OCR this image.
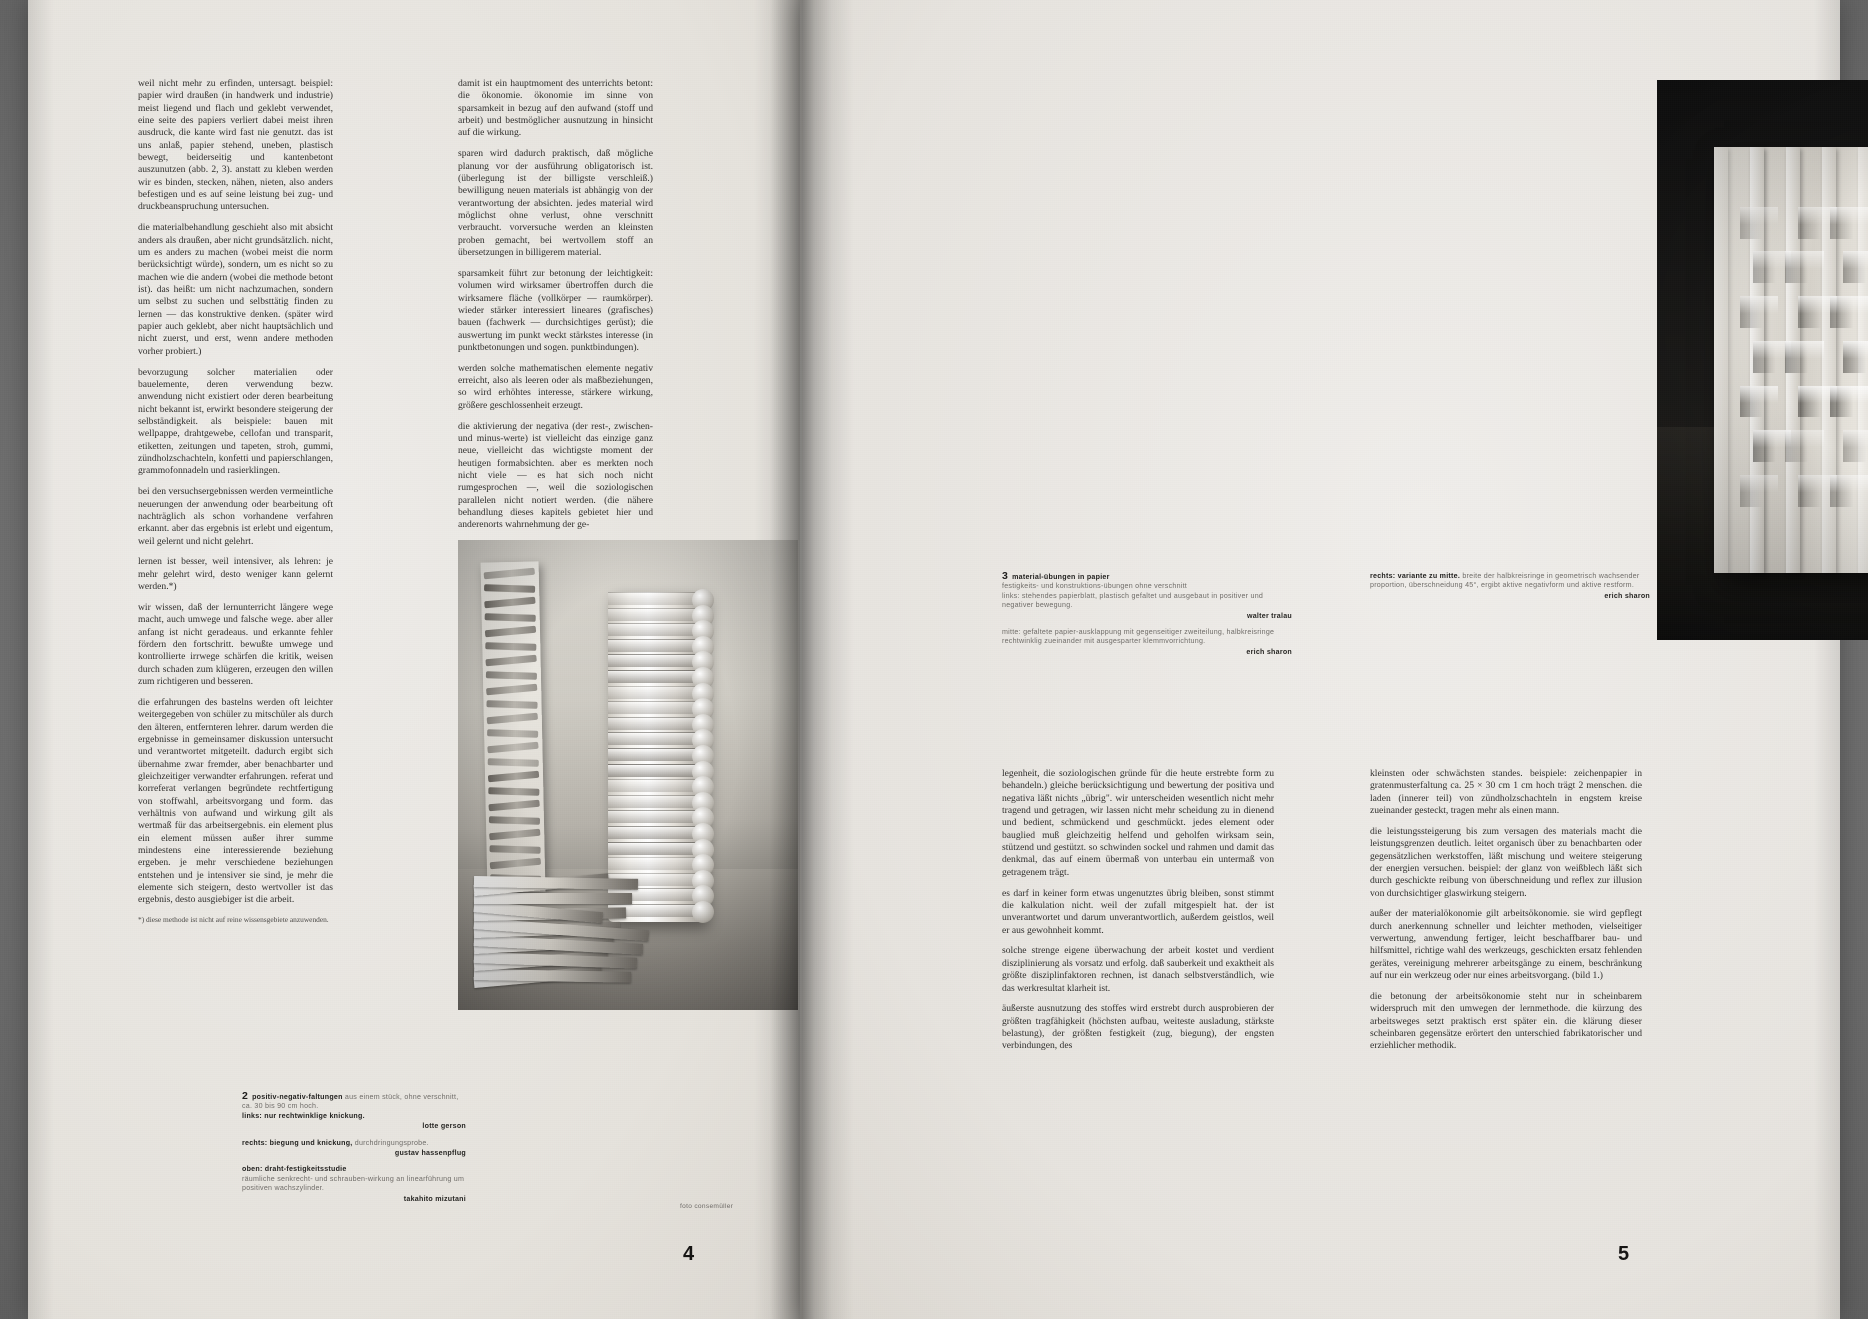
weil nicht mehr zu erfinden, untersagt. beispiel: papier wird draußen (in handwerk und industrie) meist liegend und flach und geklebt verwendet, eine seite des papiers verliert dabei meist ihren ausdruck, die kante wird fast nie genutzt. das ist uns anlaß, papier stehend, uneben, plastisch bewegt, beiderseitig und kantenbetont auszunutzen (abb. 2, 3). anstatt zu kleben werden wir es binden, stecken, nähen, nieten, also anders befestigen und es auf seine leistung bei zug- und druckbeanspruchung untersuchen.

die materialbehandlung geschieht also mit absicht anders als draußen, aber nicht grundsätzlich. nicht, um es anders zu machen (wobei meist die norm berücksichtigt würde), sondern, um es nicht so zu machen wie die andern (wobei die methode betont ist). das heißt: um nicht nachzumachen, sondern um selbst zu suchen und selbsttätig finden zu lernen — das konstruktive denken. (später wird papier auch geklebt, aber nicht hauptsächlich und nicht zuerst, und erst, wenn andere methoden vorher probiert.)

bevorzugung solcher materialien oder bauelemente, deren verwendung bezw. anwendung nicht existiert oder deren bearbeitung nicht bekannt ist, erwirkt besondere steigerung der selbständigkeit. als beispiele: bauen mit wellpappe, drahtgewebe, cellofan und transparit, etiketten, zeitungen und tapeten, stroh, gummi, zündholzschachteln, konfetti und papierschlangen, grammofonnadeln und rasierklingen.

bei den versuchsergebnissen werden vermeintliche neuerungen der anwendung oder bearbeitung oft nachträglich als schon vorhandene verfahren erkannt. aber das ergebnis ist erlebt und eigentum, weil gelernt und nicht gelehrt.

lernen ist besser, weil intensiver, als lehren: je mehr gelehrt wird, desto weniger kann gelernt werden.*)

wir wissen, daß der lernunterricht längere wege macht, auch umwege und falsche wege. aber aller anfang ist nicht geradeaus. und erkannte fehler fördern den fortschritt. bewußte umwege und kontrollierte irrwege schärfen die kritik, weisen durch schaden zum klügeren, erzeugen den willen zum richtigeren und besseren.

die erfahrungen des bastelns werden oft leichter weitergegeben von schüler zu mitschüler als durch den älteren, entfernteren lehrer. darum werden die ergebnisse in gemeinsamer diskussion untersucht und verantwortet mitgeteilt. dadurch ergibt sich übernahme zwar fremder, aber benachbarter und gleichzeitiger verwandter erfahrungen. referat und korreferat verlangen begründete rechtfertigung von stoffwahl, arbeitsvorgang und form. das verhältnis von aufwand und wirkung gilt als wertmaß für das arbeitsergebnis. ein element plus ein element müssen außer ihrer summe mindestens eine interessierende beziehung ergeben. je mehr verschiedene beziehungen entstehen und je intensiver sie sind, je mehr die elemente sich steigern, desto wertvoller ist das ergebnis, desto ausgiebiger ist die arbeit.

*) diese methode ist nicht auf reine wissensgebiete anzuwenden.

damit ist ein hauptmoment des unterrichts betont: die ökonomie. ökonomie im sinne von sparsamkeit in bezug auf den aufwand (stoff und arbeit) und bestmöglicher ausnutzung in hinsicht auf die wirkung.

sparen wird dadurch praktisch, daß mögliche planung vor der ausführung obligatorisch ist. (überlegung ist der billigste verschleiß.) bewilligung neuen materials ist abhängig von der verantwortung der absichten. jedes material wird möglichst ohne verlust, ohne verschnitt verbraucht. vorversuche werden an kleinsten proben gemacht, bei wertvollem stoff an übersetzungen in billigerem material.

sparsamkeit führt zur betonung der leichtigkeit: volumen wird wirksamer übertroffen durch die wirksamere fläche (vollkörper — raumkörper). wieder stärker interessiert lineares (grafisches) bauen (fachwerk — durchsichtiges gerüst); die auswertung im punkt weckt stärkstes interesse (in punktbetonungen und sogen. punktbindungen).

werden solche mathematischen elemente negativ erreicht, also als leeren oder als maßbeziehungen, so wird erhöhtes interesse, stärkere wirkung, größere geschlossenheit erzeugt.

die aktivierung der negativa (der rest-, zwischen- und minus-werte) ist vielleicht das einzige ganz neue, vielleicht das wichtigste moment der heutigen formabsichten. aber es merkten noch nicht viele — es hat sich noch nicht rumgesprochen —, weil die soziologischen parallelen nicht notiert werden. (die nähere behandlung dieses kapitels gebietet hier und anderenorts wahrnehmung der ge-

2 positiv-negativ-faltungen aus einem stück, ohne verschnitt, ca. 30 bis 90 cm hoch.
links: nur rechtwinklige knickung.
lotte gerson
rechts: biegung und knickung, durchdringungsprobe.
gustav hassenpflug
oben: draht-festigkeitsstudie
räumliche senkrecht- und schrauben-wirkung an linearführung um positiven wachszylinder.
takahito mizutani
foto consemüller
4
3 material-übungen in papier
festigkeits- und konstruktions-übungen ohne verschnitt
links: stehendes papierblatt, plastisch gefaltet und ausgebaut in positiver und negativer bewegung.
walter tralau
mitte: gefaltete papier-ausklappung mit gegenseitiger zweiteilung, halbkreisringe rechtwinklig zueinander mit ausgesparter klemmvorrichtung.
erich sharon
rechts: variante zu mitte. breite der halbkreisringe in geometrisch wachsender proportion, überschneidung 45°, ergibt aktive negativform und aktive restform.
erich sharon

legenheit, die soziologischen gründe für die heute erstrebte form zu behandeln.) gleiche berücksichtigung und bewertung der positiva und negativa läßt nichts „übrig". wir unterscheiden wesentlich nicht mehr tragend und getragen, wir lassen nicht mehr scheidung zu in dienend und bedient, schmückend und geschmückt. jedes element oder bauglied muß gleichzeitig helfend und geholfen wirksam sein, stützend und gestützt. so schwinden sockel und rahmen und damit das denkmal, das auf einem übermaß von unterbau ein untermaß von getragenem trägt.

es darf in keiner form etwas ungenutztes übrig bleiben, sonst stimmt die kalkulation nicht. weil der zufall mitgespielt hat. der ist unverantwortet und darum unverantwortlich, außerdem geistlos, weil er aus gewohnheit kommt.

solche strenge eigene überwachung der arbeit kostet und verdient disziplinierung als vorsatz und erfolg. daß sauberkeit und exaktheit als größte disziplinfaktoren rechnen, ist danach selbstverständlich, wie das werkresultat klarheit ist.

äußerste ausnutzung des stoffes wird erstrebt durch ausprobieren der größten tragfähigkeit (höchsten aufbau, weiteste ausladung, stärkste belastung), der größten festigkeit (zug, biegung), der engsten verbindungen, des

kleinsten oder schwächsten standes. beispiele: zeichenpapier in gratenmusterfaltung ca. 25 × 30 cm 1 cm hoch trägt 2 menschen. die laden (innerer teil) von zündholzschachteln in engstem kreise zueinander gesteckt, tragen mehr als einen mann.

die leistungssteigerung bis zum versagen des materials macht die leistungsgrenzen deutlich. leitet organisch über zu benachbarten oder gegensätzlichen werkstoffen, läßt mischung und weitere steigerung der energien versuchen. beispiel: der glanz von weißblech läßt sich durch geschickte reibung von überschneidung und reflex zur illusion von durchsichtiger glaswirkung steigern.

außer der materialökonomie gilt arbeitsökonomie. sie wird gepflegt durch anerkennung schneller und leichter methoden, vielseitiger verwertung, anwendung fertiger, leicht beschaffbarer bau- und hilfsmittel, richtige wahl des werkzeugs, geschickten ersatz fehlenden gerätes, vereinigung mehrerer arbeitsgänge zu einem, beschränkung auf nur ein werkzeug oder nur eines arbeitsvorgang. (bild 1.)

die betonung der arbeitsökonomie steht nur in scheinbarem widerspruch mit den umwegen der lernmethode. die kürzung des arbeitsweges setzt praktisch erst später ein. die klärung dieser scheinbaren gegensätze erörtert den unterschied fabrikatorischer und erziehlicher methodik.

5
